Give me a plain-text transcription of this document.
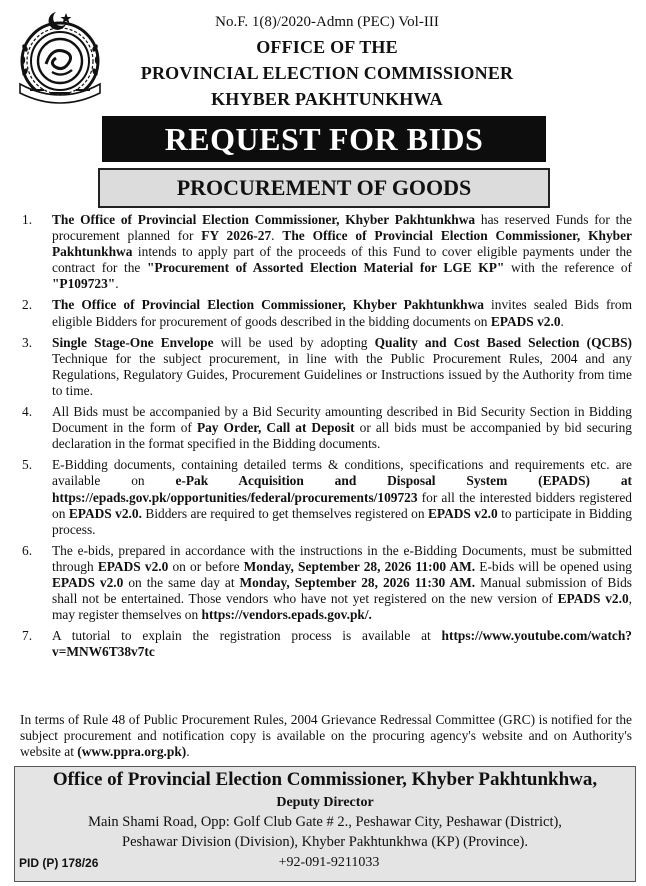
No.F. 1(8)/2020-Admn (PEC) Vol-III
OFFICE OF THE
PROVINCIAL ELECTION COMMISSIONER
KHYBER PAKHTUNKHWA
REQUEST FOR BIDS
PROCUREMENT OF GOODS
1. The Office of Provincial Election Commissioner, Khyber Pakhtunkhwa has reserved Funds for the procurement planned for FY 2026-27. The Office of Provincial Election Commissioner, Khyber Pakhtunkhwa intends to apply part of the proceeds of this Fund to cover eligible payments under the contract for the "Procurement of Assorted Election Material for LGE KP" with the reference of "P109723".
2. The Office of Provincial Election Commissioner, Khyber Pakhtunkhwa invites sealed Bids from eligible Bidders for procurement of goods described in the bidding documents on EPADS v2.0.
3. Single Stage-One Envelope will be used by adopting Quality and Cost Based Selection (QCBS) Technique for the subject procurement, in line with the Public Procurement Rules, 2004 and any Regulations, Regulatory Guides, Procurement Guidelines or Instructions issued by the Authority from time to time.
4. All Bids must be accompanied by a Bid Security amounting described in Bid Security Section in Bidding Document in the form of Pay Order, Call at Deposit or all bids must be accompanied by bid securing declaration in the format specified in the Bidding documents.
5. E-Bidding documents, containing detailed terms & conditions, specifications and requirements etc. are available on e-Pak Acquisition and Disposal System (EPADS) at https://epads.gov.pk/opportunities/federal/procurements/109723 for all the interested bidders registered on EPADS v2.0. Bidders are required to get themselves registered on EPADS v2.0 to participate in Bidding process.
6. The e-bids, prepared in accordance with the instructions in the e-Bidding Documents, must be submitted through EPADS v2.0 on or before Monday, September 28, 2026 11:00 AM. E-bids will be opened using EPADS v2.0 on the same day at Monday, September 28, 2026 11:30 AM. Manual submission of Bids shall not be entertained. Those vendors who have not yet registered on the new version of EPADS v2.0, may register themselves on https://vendors.epads.gov.pk/.
7. A tutorial to explain the registration process is available at https://www.youtube.com/watch?v=MNW6T38v7tc
In terms of Rule 48 of Public Procurement Rules, 2004 Grievance Redressal Committee (GRC) is notified for the subject procurement and notification copy is available on the procuring agency's website and on Authority's website at (www.ppra.org.pk).
Office of Provincial Election Commissioner, Khyber Pakhtunkhwa,
Deputy Director
Main Shami Road, Opp: Golf Club Gate # 2., Peshawar City, Peshawar (District),
Peshawar Division (Division), Khyber Pakhtunkhwa (KP) (Province).
PID (P) 178/26	+92-091-9211033
